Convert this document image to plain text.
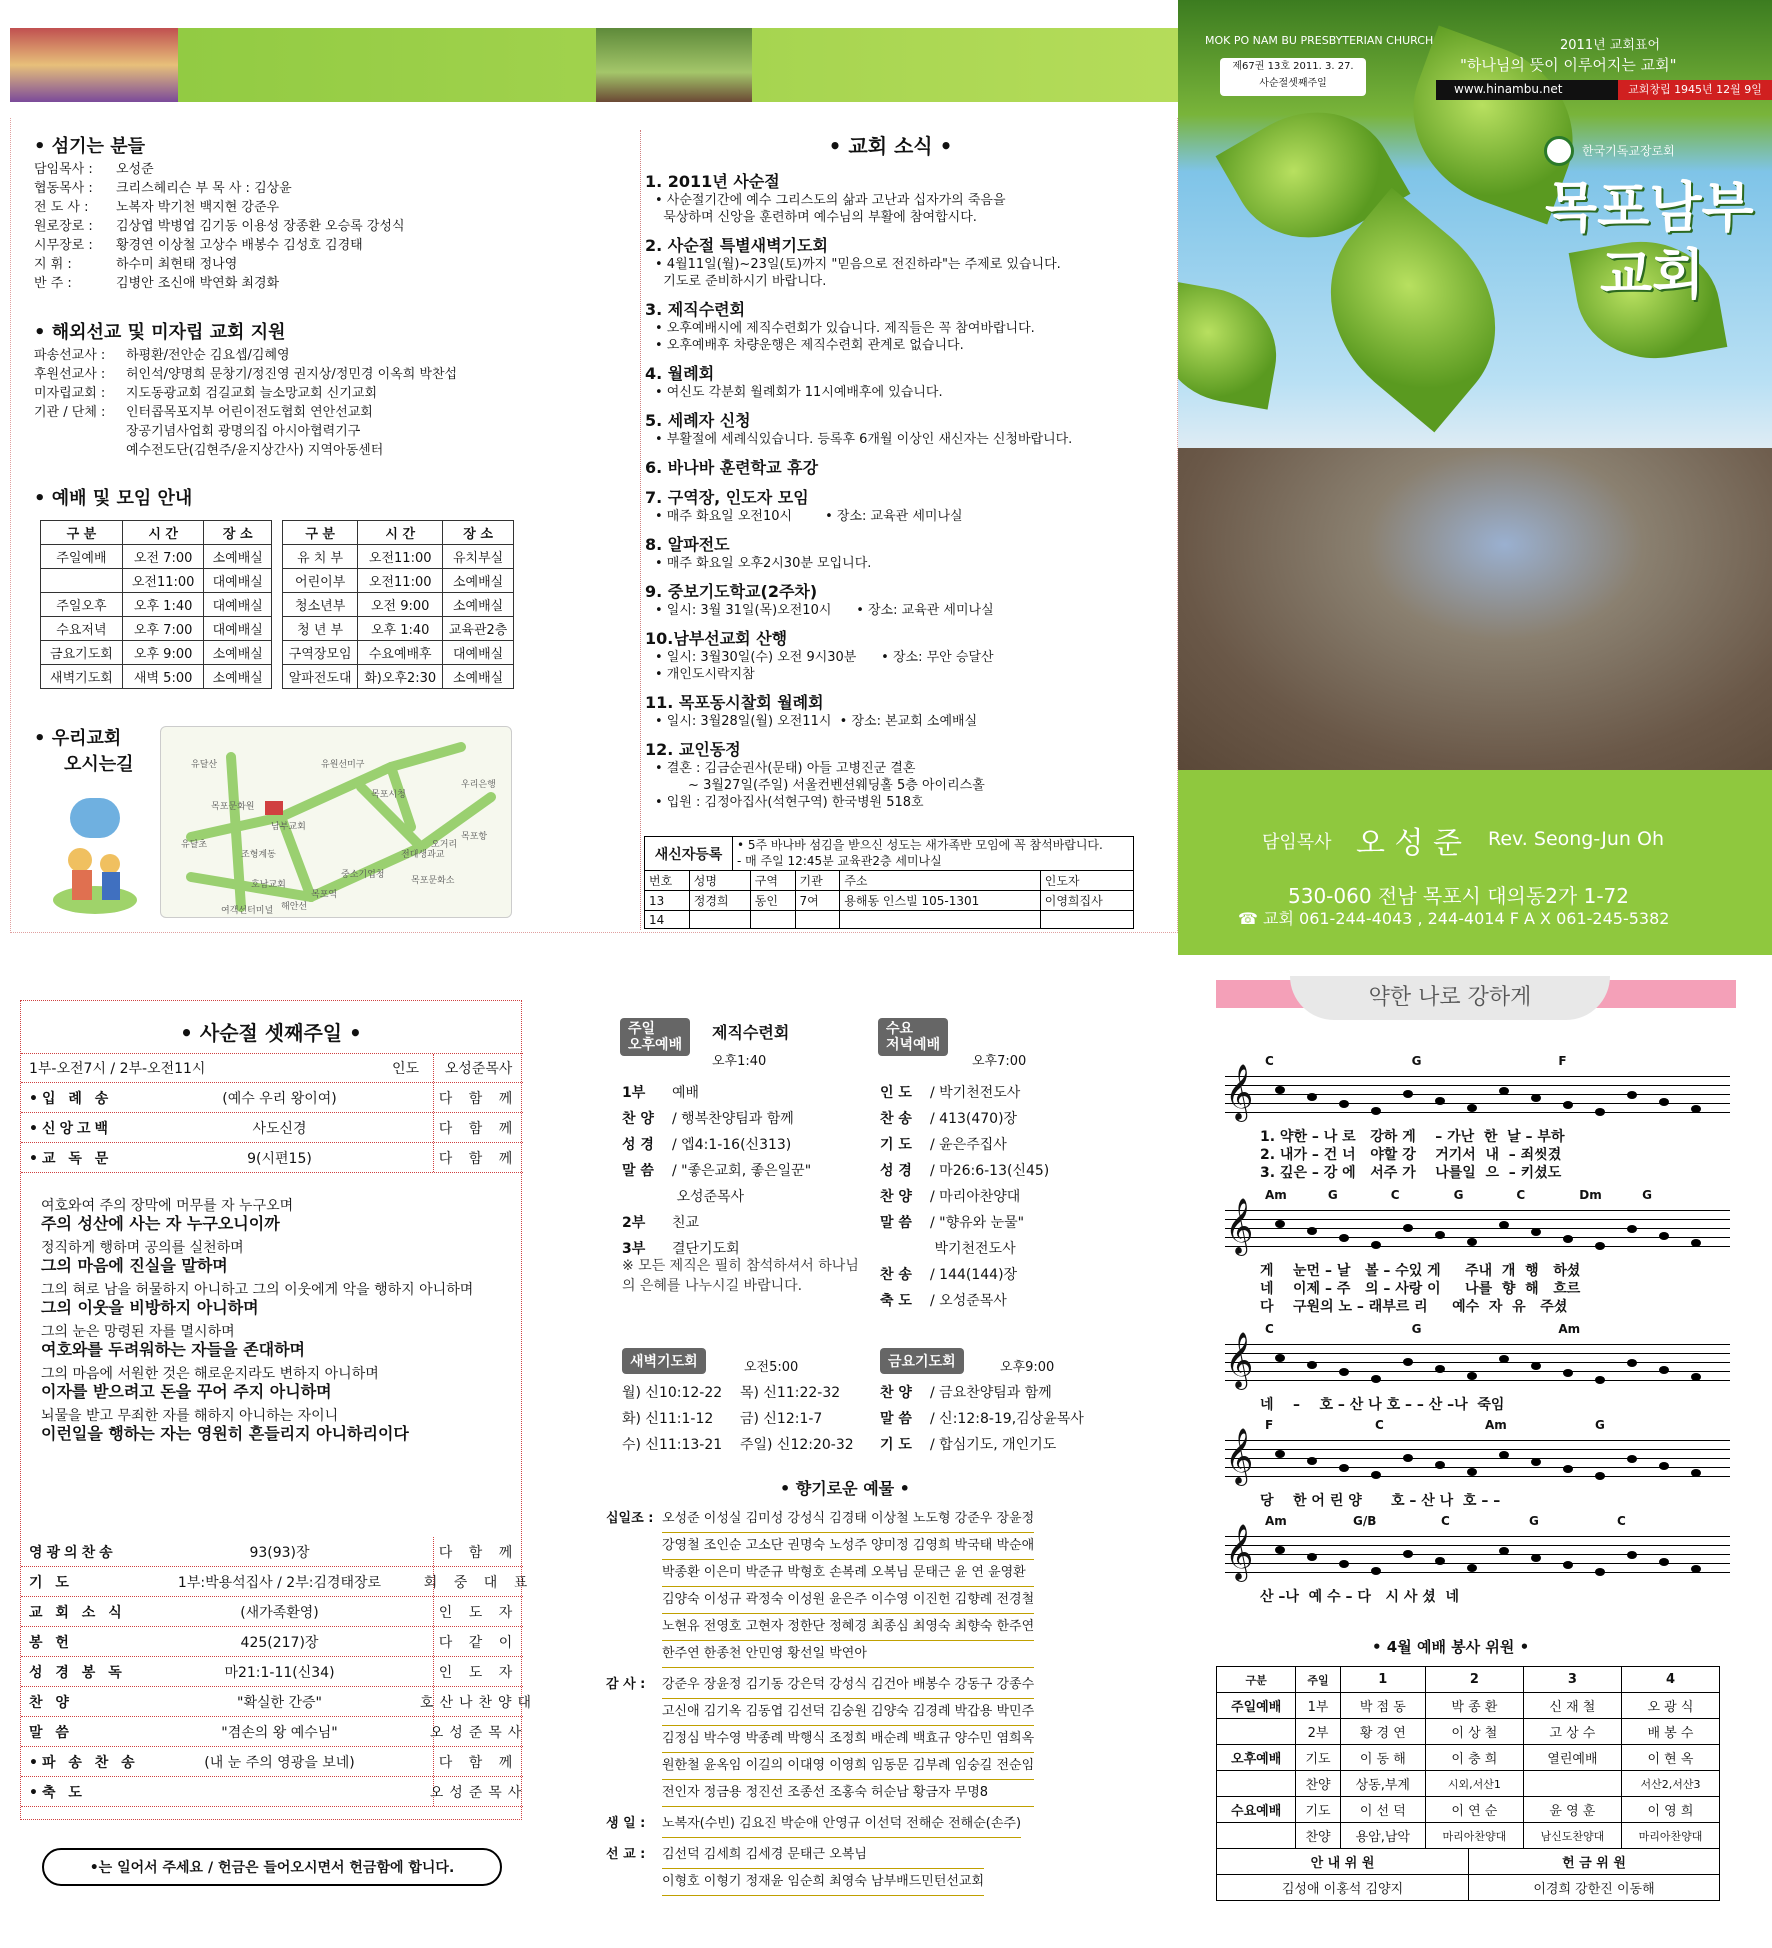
• 섬기는 분들
담임목사 : 오성준
협동목사 : 크리스헤리슨 부 목 사 : 김상윤
전 도 사 : 노복자 박기천 백지현 강준우
원로장로 : 김상엽 박병엽 김기동 이용성 장종환 오승록 강성식
시무장로 : 황경연 이상철 고상수 배봉수 김성호 김경태
지 휘 :	하수미 최현태 정나영
반 주 :	김병안 조신애 박연화 최경화
• 해외선교 및 미자립 교회 지원
파송선교사 : 하평환/전안순 김요셉/김혜영
후원선교사 : 허인석/양명희 문창기/정진영 권지상/정민경 이옥희 박찬섭
미자립교회 : 지도동광교회 검길교회 늘소망교회 신기교회
기관 / 단체 : 인터콥목포지부 어린이전도협회 연안선교회
장공기념사업회 광명의집 아시아협력기구
예수전도단(김현주/윤지상간사) 지역아동센터
• 예배 및 모임 안내
구 분	시 간	장 소
주일예배	오전 7:00	소예배실
	오전11:00	대예배실
주일오후	오후 1:40	대예배실
수요저녁	오후 7:00	대예배실
금요기도회	오후 9:00	소예배실
새벽기도회	새벽 5:00	소예배실
구 분	시 간	장 소
유 치 부	오전11:00	유치부실
어린이부	오전11:00	소예배실
청소년부	오전 9:00	소예배실
청 년 부	오후 1:40	교육관2층
구역장모임	수요예배후	대예배실
알파전도대	화)오후2:30	소예배실
• 우리교회
오시는길	유달산
목포문화원
유달초
남부교회
조형계동
호남교회
목포역
유원선미구
목포시청
우리은행
오거리
전대생과교
중소기업청
목포문화소
목포항
해안선
여객선터미널
• 교회 소식 •
1. 2011년 사순절

• 사순절기간에 예수 그리스도의 삶과 고난과 십자가의 죽음을

묵상하며 신앙을 훈련하며 예수님의 부활에 참여합시다.

2. 사순절 특별새벽기도회

• 4월11일(월)~23일(토)까지 "믿음으로 전진하라"는 주제로 있습니다.

기도로 준비하시기 바랍니다.

3. 제직수련회

• 오후예배시에 제직수련회가 있습니다. 제직들은 꼭 참여바랍니다.

• 오후예배후 차량운행은 제직수련회 관계로 없습니다.

4. 월례회

• 여신도 각분회 월례회가 11시예배후에 있습니다.

5. 세례자 신청

• 부활절에 세례식있습니다. 등록후 6개월 이상인 새신자는 신청바랍니다.

6. 바나바 훈련학교 휴강
7. 구역장, 인도자 모임

• 매주 화요일 오전10시        • 장소: 교육관 세미나실

8. 알파전도

• 매주 화요일 오후2시30분 모입니다.

9. 중보기도학교(2주차)

• 일시: 3월 31일(목)오전10시      • 장소: 교육관 세미나실

10.남부선교회 산행

• 일시: 3월30일(수) 오전 9시30분      • 장소: 무안 승달산

• 개인도시락지참

11. 목포동시찰회 월례회

• 일시: 3월28일(월) 오전11시  • 장소: 본교회 소예배실

12. 교인동정

• 결혼 : 김금순권사(문태) 아들 고병진군 결혼

~ 3월27일(주일) 서울컨벤션웨딩홀 5층 아이리스홀

• 입원 : 김정아집사(석현구역) 한국병원 518호

새신자등록
• 5주 바나바 섬김을 받으신 성도는 새가족반 모임에 꼭 참석바랍니다.
- 매 주일 12:45분 교육관2층 세미나실
번호	성명	구역	기관	주소	인도자
13	정경희	동인	7여	용해동 인스빌 105-1301	이영희집사
14					
MOK PO NAM BU PRESBYTERIAN CHURCH
제67권 13호 2011. 3. 27.
사순절셋째주일
2011년 교회표어
"하나님의 뜻이 이루어지는 교회"
www.hinambu.net	교회창립 1945년 12월 9일
한국기독교장로회
목포남부
교회
담임목사 오 성 준 Rev. Seong-Jun Oh
530-060 전남 목포시 대의동2가 1-72
☎ 교회 061-244-4043 , 244-4014 F A X 061-245-5382
• 사순절 셋째주일 •
1부-오전7시 / 2부-오전11시	인도	오성준목사

여호와여 주의 장막에 머무를 자 누구오며

주의 성산에 사는 자 누구오니이까

정직하게 행하며 공의를 실천하며

그의 마음에 진실을 말하며

그의 혀로 남을 허물하지 아니하고 그의 이웃에게 악을 행하지 아니하며

그의 이웃을 비방하지 아니하며

그의 눈은 망령된 자를 멸시하며

여호와를 두려워하는 자들을 존대하며

그의 마음에 서원한 것은 해로운지라도 변하지 아니하며

이자를 받으려고 돈을 꾸어 주지 아니하며

뇌물을 받고 무죄한 자를 해하지 아니하는 자이니

이런일을 행하는 자는 영원히 흔들리지 아니하리이다

•입 례 송	(예수 우리 왕이여)	다 함 께
•신앙고백	사도신경	다 함 께
•교 독 문	9(시편15)	다 함 께
영광의찬송	93(93)장	다 함 께
기 도	1부:박용석집사 / 2부:김경태장로	회 중 대 표
교 회 소 식	(새가족환영)	인 도 자
봉 헌	425(217)장	다 같 이
성 경 봉 독	마21:1-11(신34)	인 도 자
찬 양	"확실한 간증"	호산나찬양대
말 씀	"겸손의 왕 예수님"	오성준목사
•파 송 찬 송	(내 눈 주의 영광을 보네)	다 함 께
•축 도	오성준목사
•는 일어서 주세요 / 헌금은 들어오시면서 헌금함에 합니다.
주일
오후예배
제직수련회
오후1:40
1부 예배
찬 양 / 행복찬양팀과 함께
성 경 / 엡4:1-16(신313)
말 씀 / "좋은교회, 좋은일꾼"
오성준목사
2부 친교
3부 결단기도회
※ 모든 제직은 필히 참석하셔서 하나님의 은혜를 나누시길 바랍니다.
수요
저녁예배
오후7:00
인 도 / 박기천전도사
찬 송 / 413(470)장
기 도 / 윤은주집사
성 경 / 마26:6-13(신45)
찬 양 / 마리아찬양대
말 씀 / "향유와 눈물"
박기천전도사
찬 송 / 144(144)장
축 도 / 오성준목사
새벽기도회	오전5:00
월) 신10:12-22    목) 신11:22-32
화) 신11:1-12      금) 신12:1-7
수) 신11:13-21    주일) 신12:20-32
금요기도회	오후9:00
찬 양 / 금요찬양팀과 함께
말 씀 / 신:12:8-19,김상윤목사
기 도 / 합심기도, 개인기도
• 향기로운 예물 •
십일조 : 오성준 이성실 김미성 강성식 김경태 이상철 노도형 강준우 장윤정
강영철 조인순 고소단 권명숙 노성주 양미정 김영희 박국태 박순애
박종환 이은미 박준규 박형호 손복례 오복님 문태근 윤 연 윤영환
김양숙 이성규 곽정숙 이성원 윤은주 이수영 이진헌 김향례 전경철
노현유 전영호 고현자 정한단 정혜경 최종심 최영숙 최향숙 한주연
한주연 한종천 안민영 황선일 박연아
감 사 :	강준우 장윤정 김기동 강은덕 강성식 김건아 배봉수 강동구 강종수
고신애 김기옥 김동엽 김선덕 김숭원 김양숙 김경례 박갑용 박민주
김정심 박수영 박종례 박행식 조정희 배순례 백효규 양수민 염희옥
원한철 윤옥임 이길의 이대영 이영희 임동문 김부례 임숭길 전순임
전인자 정금용 정진선 조종선 조홍숙 허순남 황금자 무명8
생 일 :	노복자(수빈) 김요진 박순애 안영규 이선덕 전해순 전해순(손주)
선 교 :	김선덕 김세희 김세경 문태근 오복님
이형호 이형기 정재윤 임순희 최영숙 남부배드민턴선교회
약한 나로 강하게
𝄞
C	G	F
1. 약한 – 나 로   강하 게    – 가난  한  날 – 부하
2. 내가 – 건 너   야할 강    거기서  내  – 죄씻겼
3. 깊은 – 강 에   서주 가    나를일  으  – 키셨도
𝄞
Am	G	C	G	C	Dm	G
게    눈먼 – 날   볼 – 수있 게     주내  개  행   하셨
네    이제 – 주   의 – 사랑 이     나를  향  해   흐르
다    구원의 노 – 래부르 리     예수  자  유   주셨
𝄞
C	G	Am
네    –    호 – 산 나 호 – – 산 –나  죽임
𝄞
F	C	Am	G
당    한 어 린 양      호 – 산 나  호 – –
𝄞
Am	G/B	C	G	C
산 –나  예 수 – 다   시 사 셨  네
• 4월 예배 봉사 위원 •
구분	주일	1	2	3	4
주일예배	1부	박 점 동	박 종 환	신 재 철	오 광 식
	2부	황 경 연	이 상 철	고 상 수	배 봉 수
오후예배	기도	이 동 해	이 충 희	열린예배	이 현 옥
	찬양	상동,부계	시외,서산1		서산2,서산3
수요예배	기도	이 선 덕	이 연 순	윤 영 훈	이 영 희
	찬양	용암,남악	마리아찬양대	남신도찬양대	마리아찬양대
안 내 위 원	헌 금 위 원
김성애 이홍석 김양지	이경희 강한진 이동해
